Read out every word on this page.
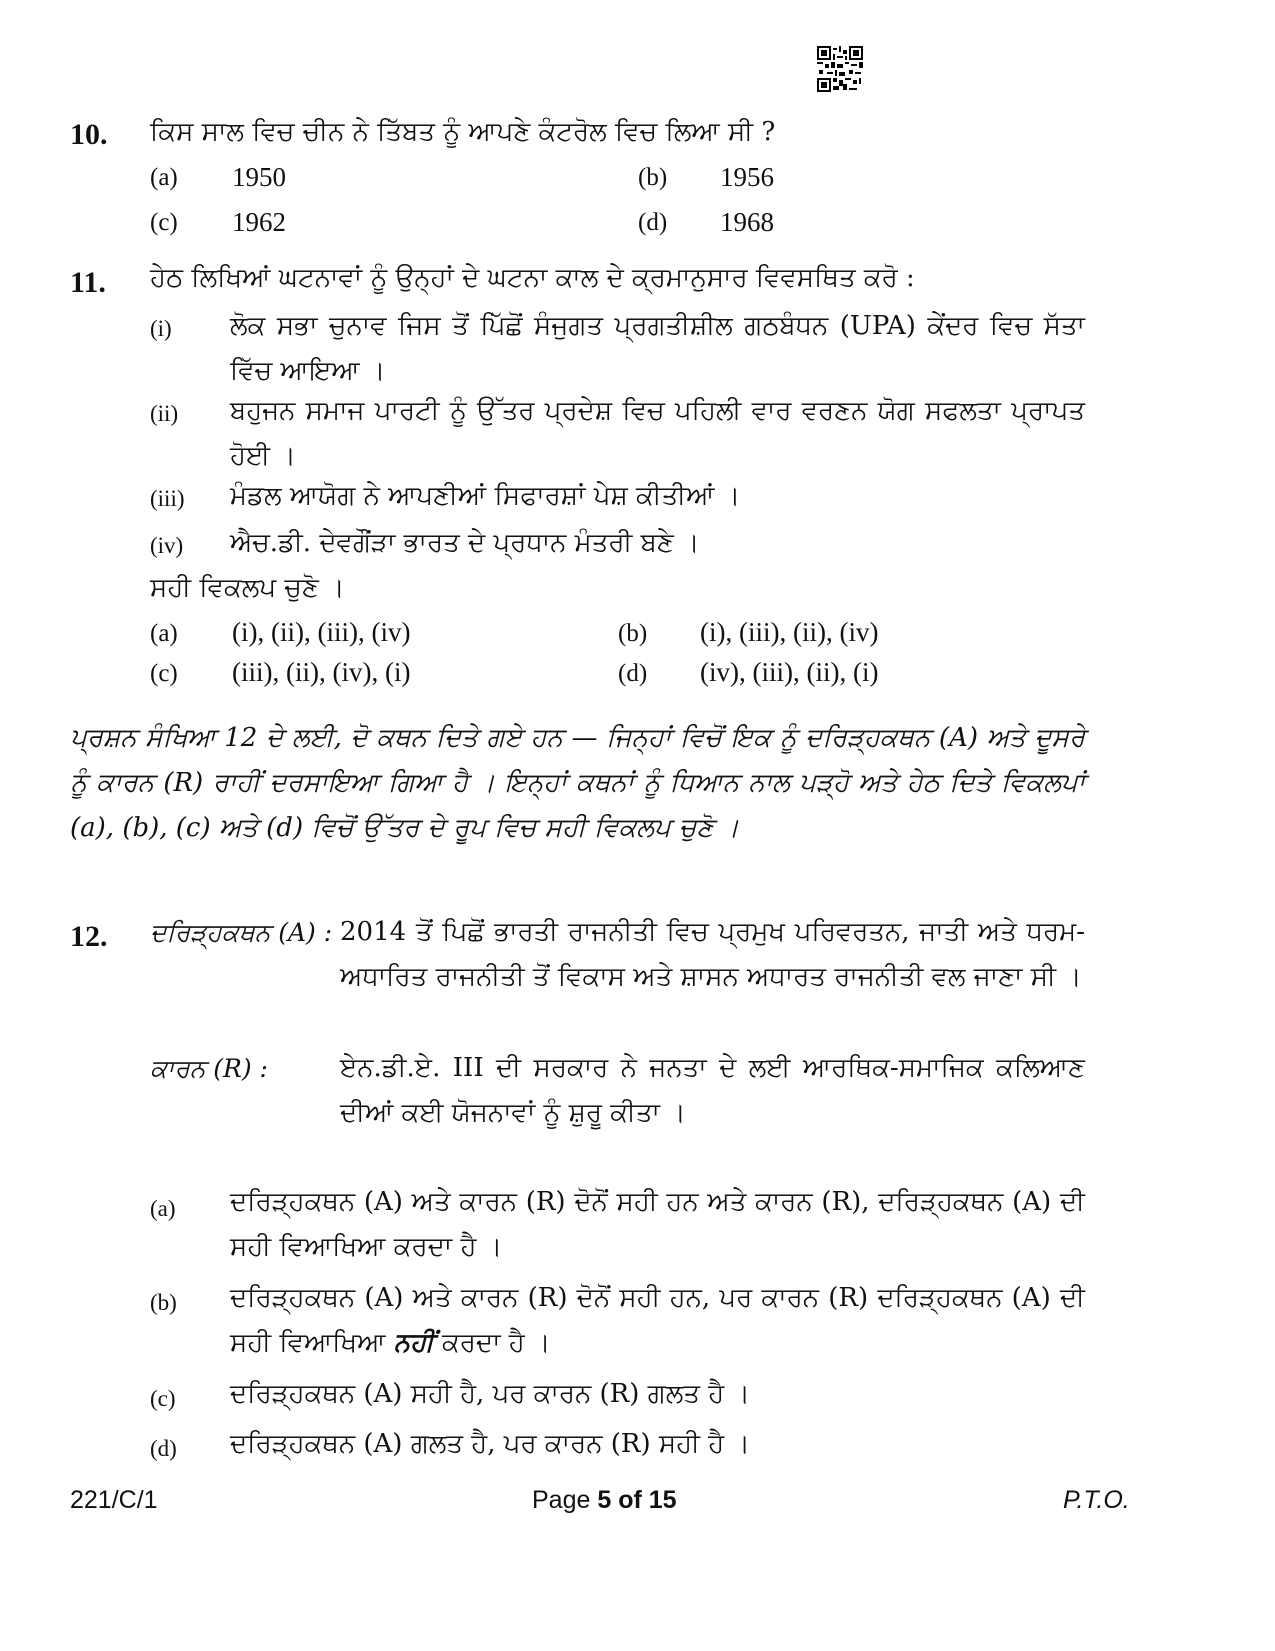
10. ਕਿਸ ਸਾਲ ਵਿਚ ਚੀਨ ਨੇ ਤਿੱਬਤ ਨੂੰ ਆਪਣੇ ਕੰਟਰੋਲ ਵਿਚ ਲਿਆ ਸੀ ?
(a) 1950	(b) 1956
(c) 1962	(d) 1968
11. ਹੇਠ ਲਿਖਿਆਂ ਘਟਨਾਵਾਂ ਨੂੰ ਉਨ੍ਹਾਂ ਦੇ ਘਟਨਾ ਕਾਲ ਦੇ ਕ੍ਰਮਾਨੁਸਾਰ ਵਿਵਸਥਿਤ ਕਰੋ :
(i) ਲੋਕ ਸਭਾ ਚੁਨਾਵ ਜਿਸ ਤੋਂ ਪਿੱਛੋਂ ਸੰਜੁਗਤ ਪ੍ਰਗਤੀਸ਼ੀਲ ਗਠਬੰਧਨ (UPA) ਕੇਂਦਰ ਵਿਚ ਸੱਤਾ ਵਿੱਚ ਆਇਆ ।
(ii) ਬਹੁਜਨ ਸਮਾਜ ਪਾਰਟੀ ਨੂੰ ਉੱਤਰ ਪ੍ਰਦੇਸ਼ ਵਿਚ ਪਹਿਲੀ ਵਾਰ ਵਰਣਨ ਯੋਗ ਸਫਲਤਾ ਪ੍ਰਾਪਤ ਹੋਈ ।
(iii) ਮੰਡਲ ਆਯੋਗ ਨੇ ਆਪਣੀਆਂ ਸਿਫਾਰਸ਼ਾਂ ਪੇਸ਼ ਕੀਤੀਆਂ ।
(iv) ਐਚ.ਡੀ. ਦੇਵਗੌਂੜਾ ਭਾਰਤ ਦੇ ਪ੍ਰਧਾਨ ਮੰਤਰੀ ਬਣੇ ।
ਸਹੀ ਵਿਕਲਪ ਚੁਣੋ ।
(a) (i), (ii), (iii), (iv)	(b) (i), (iii), (ii), (iv)
(c) (iii), (ii), (iv), (i)	(d) (iv), (iii), (ii), (i)
ਪ੍ਰਸ਼ਨ ਸੰਖਿਆ 12 ਦੇ ਲਈ, ਦੋ ਕਥਨ ਦਿਤੇ ਗਏ ਹਨ — ਜਿਨ੍ਹਾਂ ਵਿਚੋਂ ਇਕ ਨੂੰ ਦਰਿੜ੍ਹਕਥਨ (A) ਅਤੇ ਦੂਸਰੇ ਨੂੰ ਕਾਰਨ (R) ਰਾਹੀਂ ਦਰਸਾਇਆ ਗਿਆ ਹੈ । ਇਨ੍ਹਾਂ ਕਥਨਾਂ ਨੂੰ ਧਿਆਨ ਨਾਲ ਪੜ੍ਹੋ ਅਤੇ ਹੇਠ ਦਿਤੇ ਵਿਕਲਪਾਂ (a), (b), (c) ਅਤੇ (d) ਵਿਚੋਂ ਉੱਤਰ ਦੇ ਰੂਪ ਵਿਚ ਸਹੀ ਵਿਕਲਪ ਚੁਣੋ ।
12. ਦਰਿੜ੍ਹਕਥਨ (A) : 2014 ਤੋਂ ਪਿਛੋਂ ਭਾਰਤੀ ਰਾਜਨੀਤੀ ਵਿਚ ਪ੍ਰਮੁਖ ਪਰਿਵਰਤਨ, ਜਾਤੀ ਅਤੇ ਧਰਮ-ਅਧਾਰਿਤ ਰਾਜਨੀਤੀ ਤੋਂ ਵਿਕਾਸ ਅਤੇ ਸ਼ਾਸਨ ਅਧਾਰਤ ਰਾਜਨੀਤੀ ਵਲ ਜਾਣਾ ਸੀ ।
ਕਾਰਨ (R) :	ਏਨ.ਡੀ.ਏ. III ਦੀ ਸਰਕਾਰ ਨੇ ਜਨਤਾ ਦੇ ਲਈ ਆਰਥਿਕ-ਸਮਾਜਿਕ ਕਲਿਆਣ ਦੀਆਂ ਕਈ ਯੋਜਨਾਵਾਂ ਨੂੰ ਸ਼ੁਰੂ ਕੀਤਾ ।
(a) ਦਰਿੜ੍ਹਕਥਨ (A) ਅਤੇ ਕਾਰਨ (R) ਦੋਨੋਂ ਸਹੀ ਹਨ ਅਤੇ ਕਾਰਨ (R), ਦਰਿੜ੍ਹਕਥਨ (A) ਦੀ ਸਹੀ ਵਿਆਖਿਆ ਕਰਦਾ ਹੈ ।
(b) ਦਰਿੜ੍ਹਕਥਨ (A) ਅਤੇ ਕਾਰਨ (R) ਦੋਨੋਂ ਸਹੀ ਹਨ, ਪਰ ਕਾਰਨ (R) ਦਰਿੜ੍ਹਕਥਨ (A) ਦੀ ਸਹੀ ਵਿਆਖਿਆ ਨਹੀਂ ਕਰਦਾ ਹੈ ।
(c) ਦਰਿੜ੍ਹਕਥਨ (A) ਸਹੀ ਹੈ, ਪਰ ਕਾਰਨ (R) ਗਲਤ ਹੈ ।
(d) ਦਰਿੜ੍ਹਕਥਨ (A) ਗਲਤ ਹੈ, ਪਰ ਕਾਰਨ (R) ਸਹੀ ਹੈ ।
221/C/1	Page 5 of 15	P.T.O.
